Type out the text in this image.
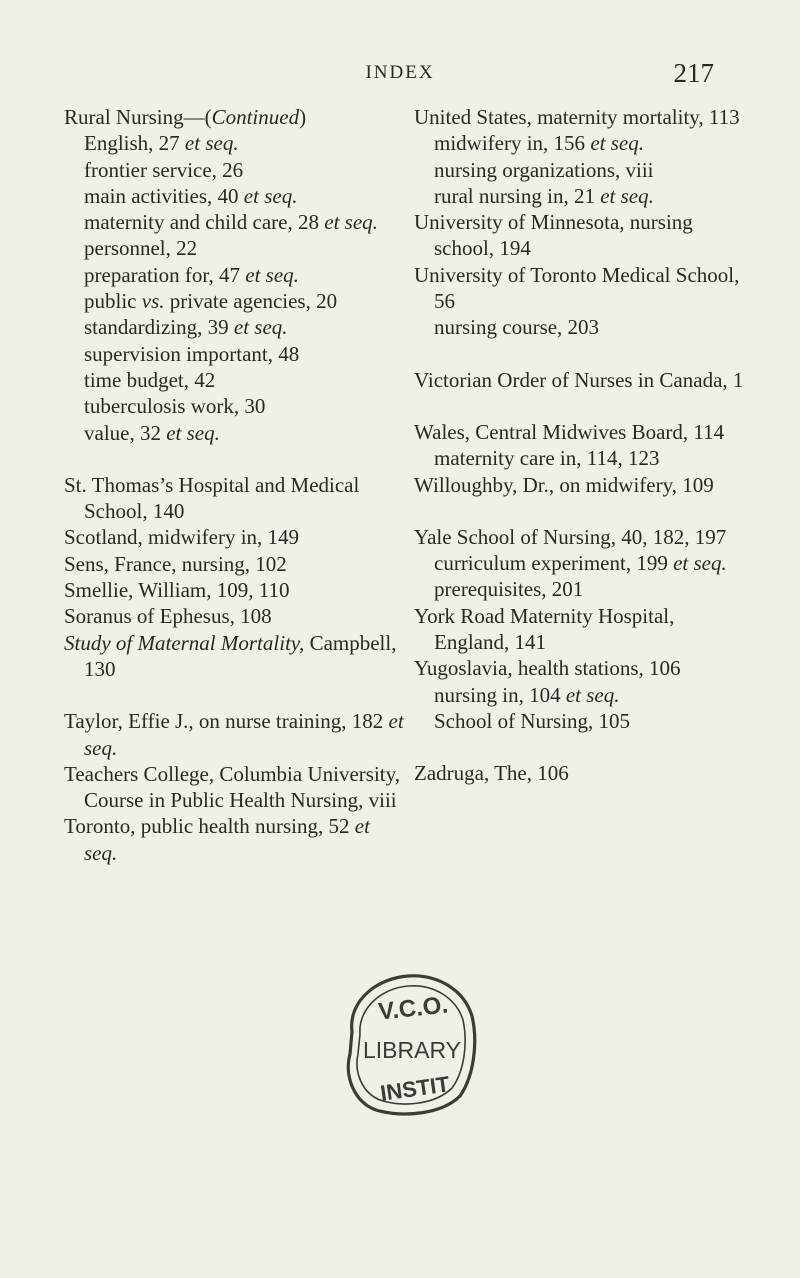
INDEX	217

Rural Nursing—(Continued)

English, 27 et seq.

frontier service, 26

main activities, 40 et seq.

maternity and child care, 28 et seq.

personnel, 22

preparation for, 47 et seq.

public vs. private agencies, 20

standardizing, 39 et seq.

supervision important, 48

time budget, 42

tuberculosis work, 30

value, 32 et seq.

St. Thomas’s Hospital and Medical School, 140

Scotland, midwifery in, 149

Sens, France, nursing, 102

Smellie, William, 109, 110

Soranus of Ephesus, 108

Study of Maternal Mortality, Campbell, 130

Taylor, Effie J., on nurse training, 182 et seq.

Teachers College, Columbia University, Course in Public Health Nursing, viii

Toronto, public health nursing, 52 et seq.

United States, maternity mortality, 113

midwifery in, 156 et seq.

nursing organizations, viii

rural nursing in, 21 et seq.

University of Minnesota, nursing school, 194

University of Toronto Medical School, 56

nursing course, 203

Victorian Order of Nurses in Canada, 1

Wales, Central Midwives Board, 114

maternity care in, 114, 123

Willoughby, Dr., on midwifery, 109

Yale School of Nursing, 40, 182, 197

curriculum experiment, 199 et seq.

prerequisites, 201

York Road Maternity Hospital, England, 141

Yugoslavia, health stations, 106

nursing in, 104 et seq.

School of Nursing, 105

Zadruga, The, 106

V.C.O.
LIBRARY
INSTIT
